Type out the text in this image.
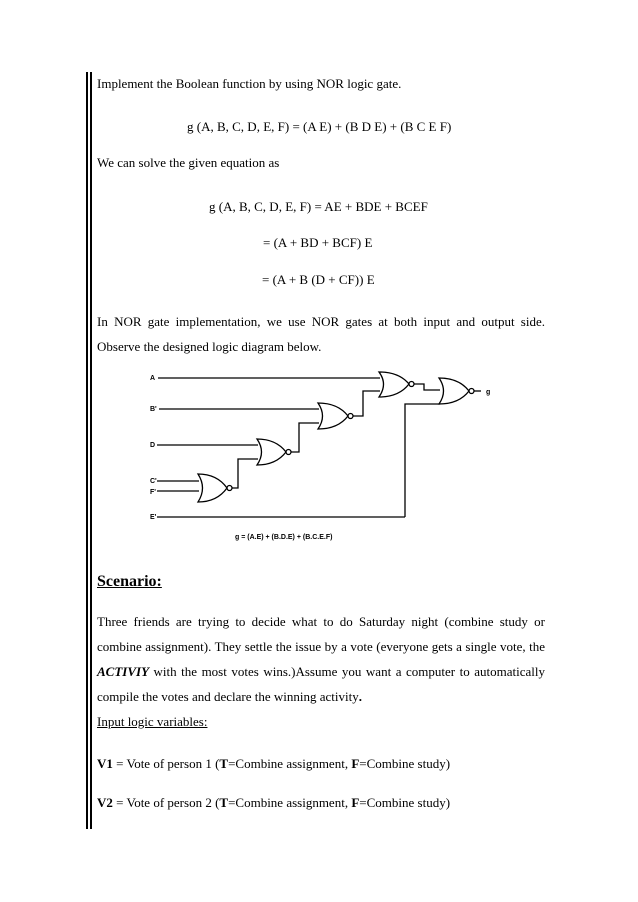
Implement the Boolean function by using NOR logic gate.
g (A, B, C, D, E, F) = (A E) + (B D E) + (B C E F)
We can solve the given equation as
g (A, B, C, D, E, F) = AE + BDE + BCEF
= (A + BD + BCF) E
= (A + B (D + CF)) E
In NOR gate implementation, we use NOR gates at both input and output side. Observe the designed logic diagram below.
A
B'
D
C'
F'
E'
g
g = (A.E) + (B.D.E) + (B.C.E.F)
Scenario:
Three friends are trying to decide what to do Saturday night (combine study or combine assignment). They settle the issue by a vote (everyone gets a single vote, the ACTIVIY with the most votes wins.)Assume you want a computer to automatically compile the votes and declare the winning activity.
Input logic variables:
V1 = Vote of person 1 (T=Combine assignment, F=Combine study)
V2 = Vote of person 2 (T=Combine assignment, F=Combine study)
